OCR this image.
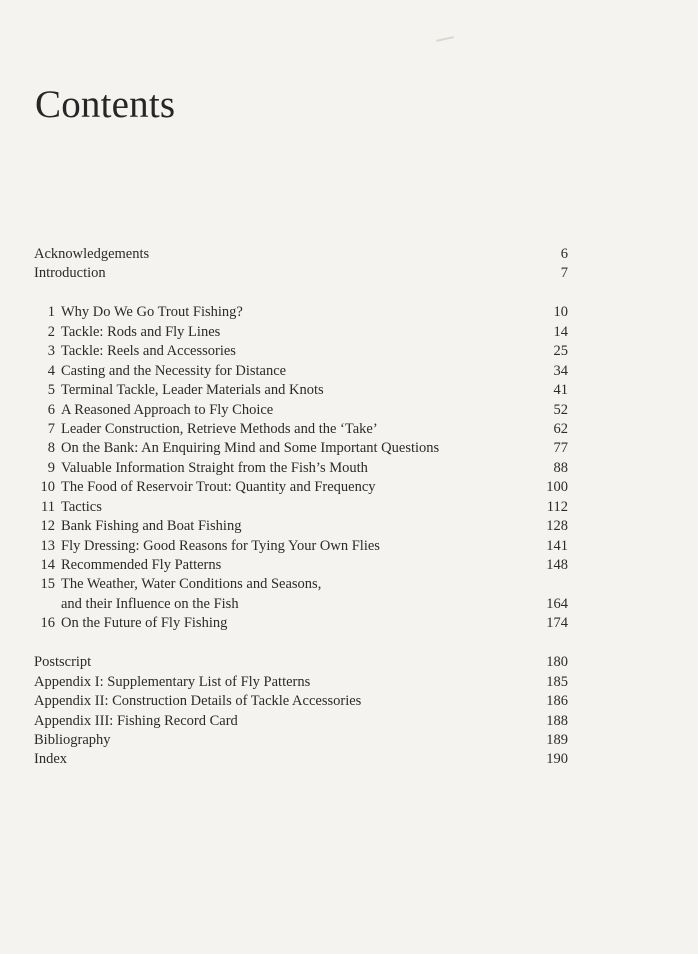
Contents
Acknowledgements	6
Introduction	7
1 Why Do We Go Trout Fishing?	10
2 Tackle: Rods and Fly Lines	14
3 Tackle: Reels and Accessories	25
4 Casting and the Necessity for Distance	34
5 Terminal Tackle, Leader Materials and Knots	41
6 A Reasoned Approach to Fly Choice	52
7 Leader Construction, Retrieve Methods and the ‘Take’	62
8 On the Bank: An Enquiring Mind and Some Important Questions	77
9 Valuable Information Straight from the Fish’s Mouth	88
10 The Food of Reservoir Trout: Quantity and Frequency	100
11 Tactics	112
12 Bank Fishing and Boat Fishing	128
13 Fly Dressing: Good Reasons for Tying Your Own Flies	141
14 Recommended Fly Patterns	148
15 The Weather, Water Conditions and Seasons,
and their Influence on the Fish	164
16 On the Future of Fly Fishing	174
Postscript	180
Appendix I: Supplementary List of Fly Patterns	185
Appendix II: Construction Details of Tackle Accessories	186
Appendix III: Fishing Record Card	188
Bibliography	189
Index	190
